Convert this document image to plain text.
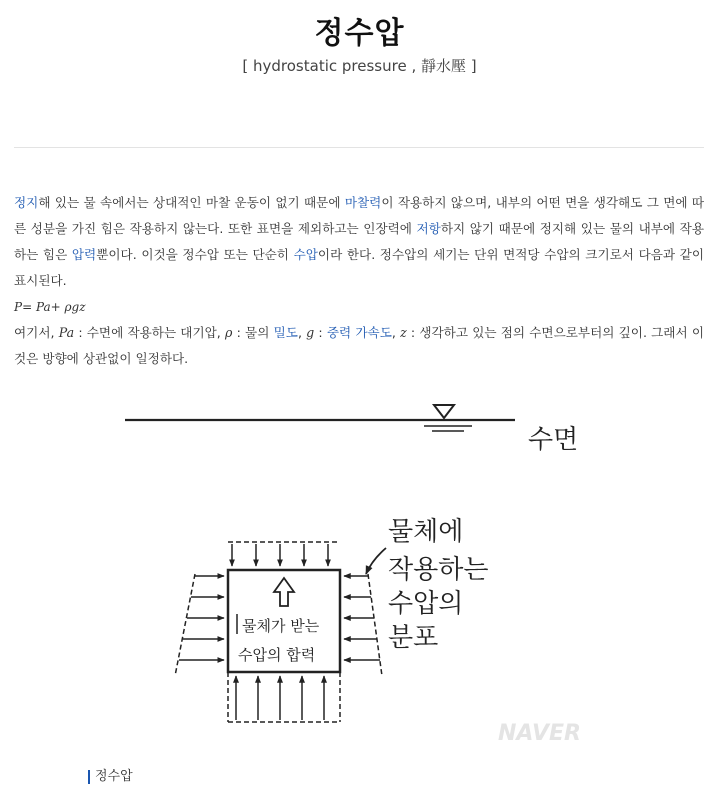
정수압
[ hydrostatic pressure , 靜水壓 ]

정지해 있는 물 속에서는 상대적인 마찰 운동이 없기 때문에 마찰력이 작용하지 않으며, 내부의 어떤 면을 생각해도 그 면에 따른 성분을 가진 힘은 작용하지 않는다. 또한 표면을 제외하고는 인장력에 저항하지 않기 때문에 정지해 있는 물의 내부에 작용하는 힘은 압력뿐이다. 이것을 정수압 또는 단순히 수압이라 한다. 정수압의 세기는 단위 면적당 수압의 크기로서 다음과 같이 표시된다.

P= Pa+ ρgz

여기서, Pa : 수면에 작용하는 대기압, ρ : 물의 밀도, g : 중력 가속도, z : 생각하고 있는 점의 수면으로부터의 깊이. 그래서 이것은 방향에 상관없이 일정하다.

수면
물체가 받는
수압의 합력
물체에
작용하는
수압의
분포
NAVER
정수압
